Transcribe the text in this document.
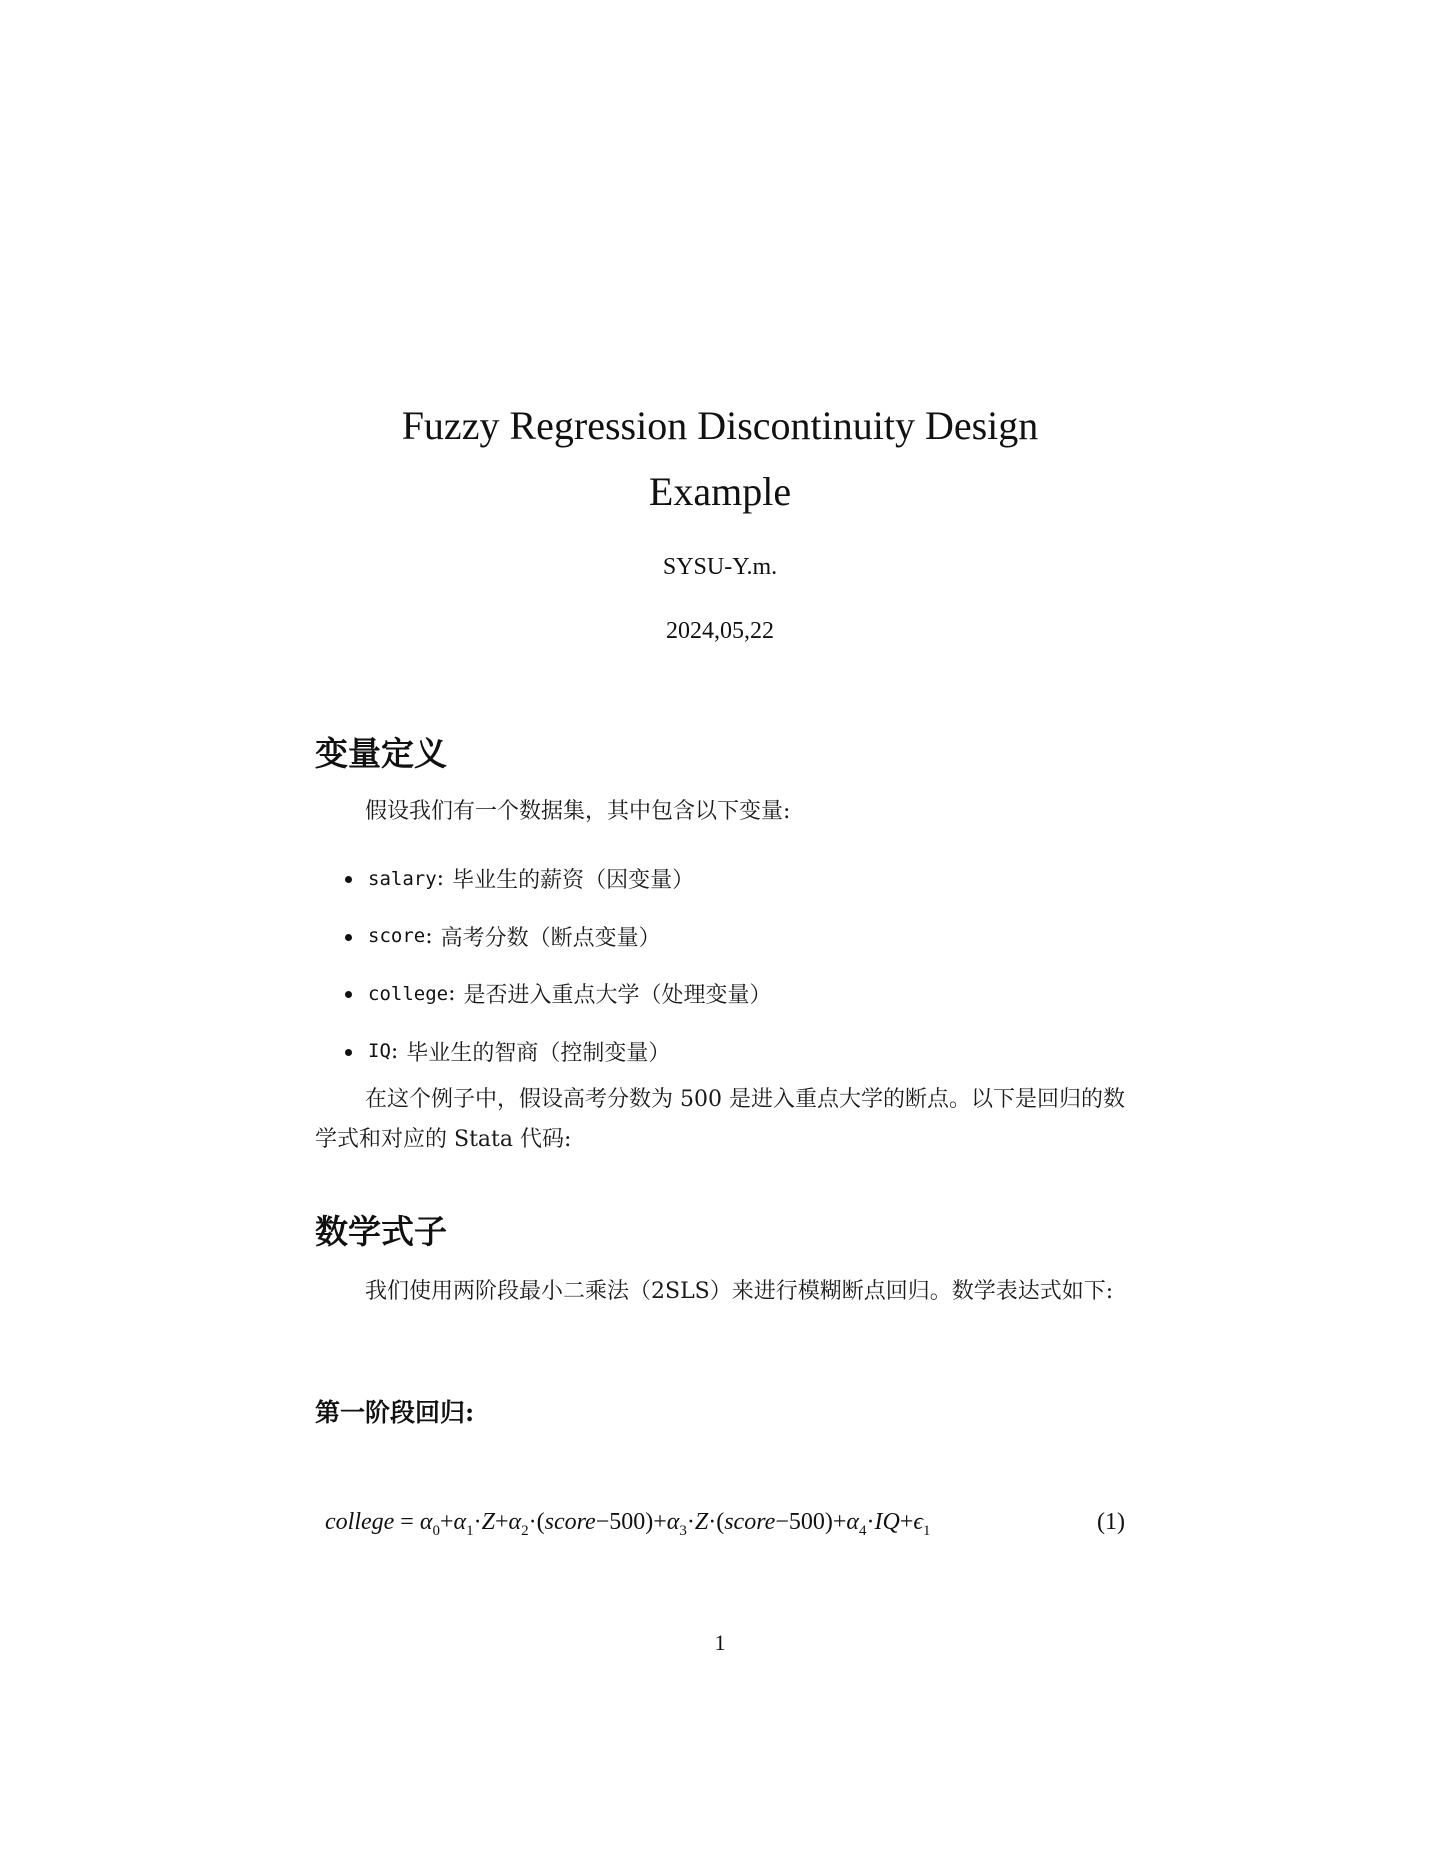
Fuzzy Regression Discontinuity Design
Example
SYSU-Y.m.
2024,05,22
变量定义

假设我们有一个数据集，其中包含以下变量:

salary : 毕业生的薪资（因变量）
score : 高考分数（断点变量）
college : 是否进入重点大学（处理变量）
IQ : 毕业生的智商（控制变量）

在这个例子中，假设高考分数为 500 是进入重点大学的断点。以下是回归的数学式和对应的 Stata 代码:

数学式子

我们使用两阶段最小二乘法（2SLS）来进行模糊断点回归。数学表达式如下:

第一阶段回归:
college = $\alpha_0+\alpha_1\cdot Z+\alpha_2\cdot(score-500)+\alpha_3\cdot Z\cdot(score-500)+\alpha_4\cdot IQ+\epsilon_1$	(1)
1
